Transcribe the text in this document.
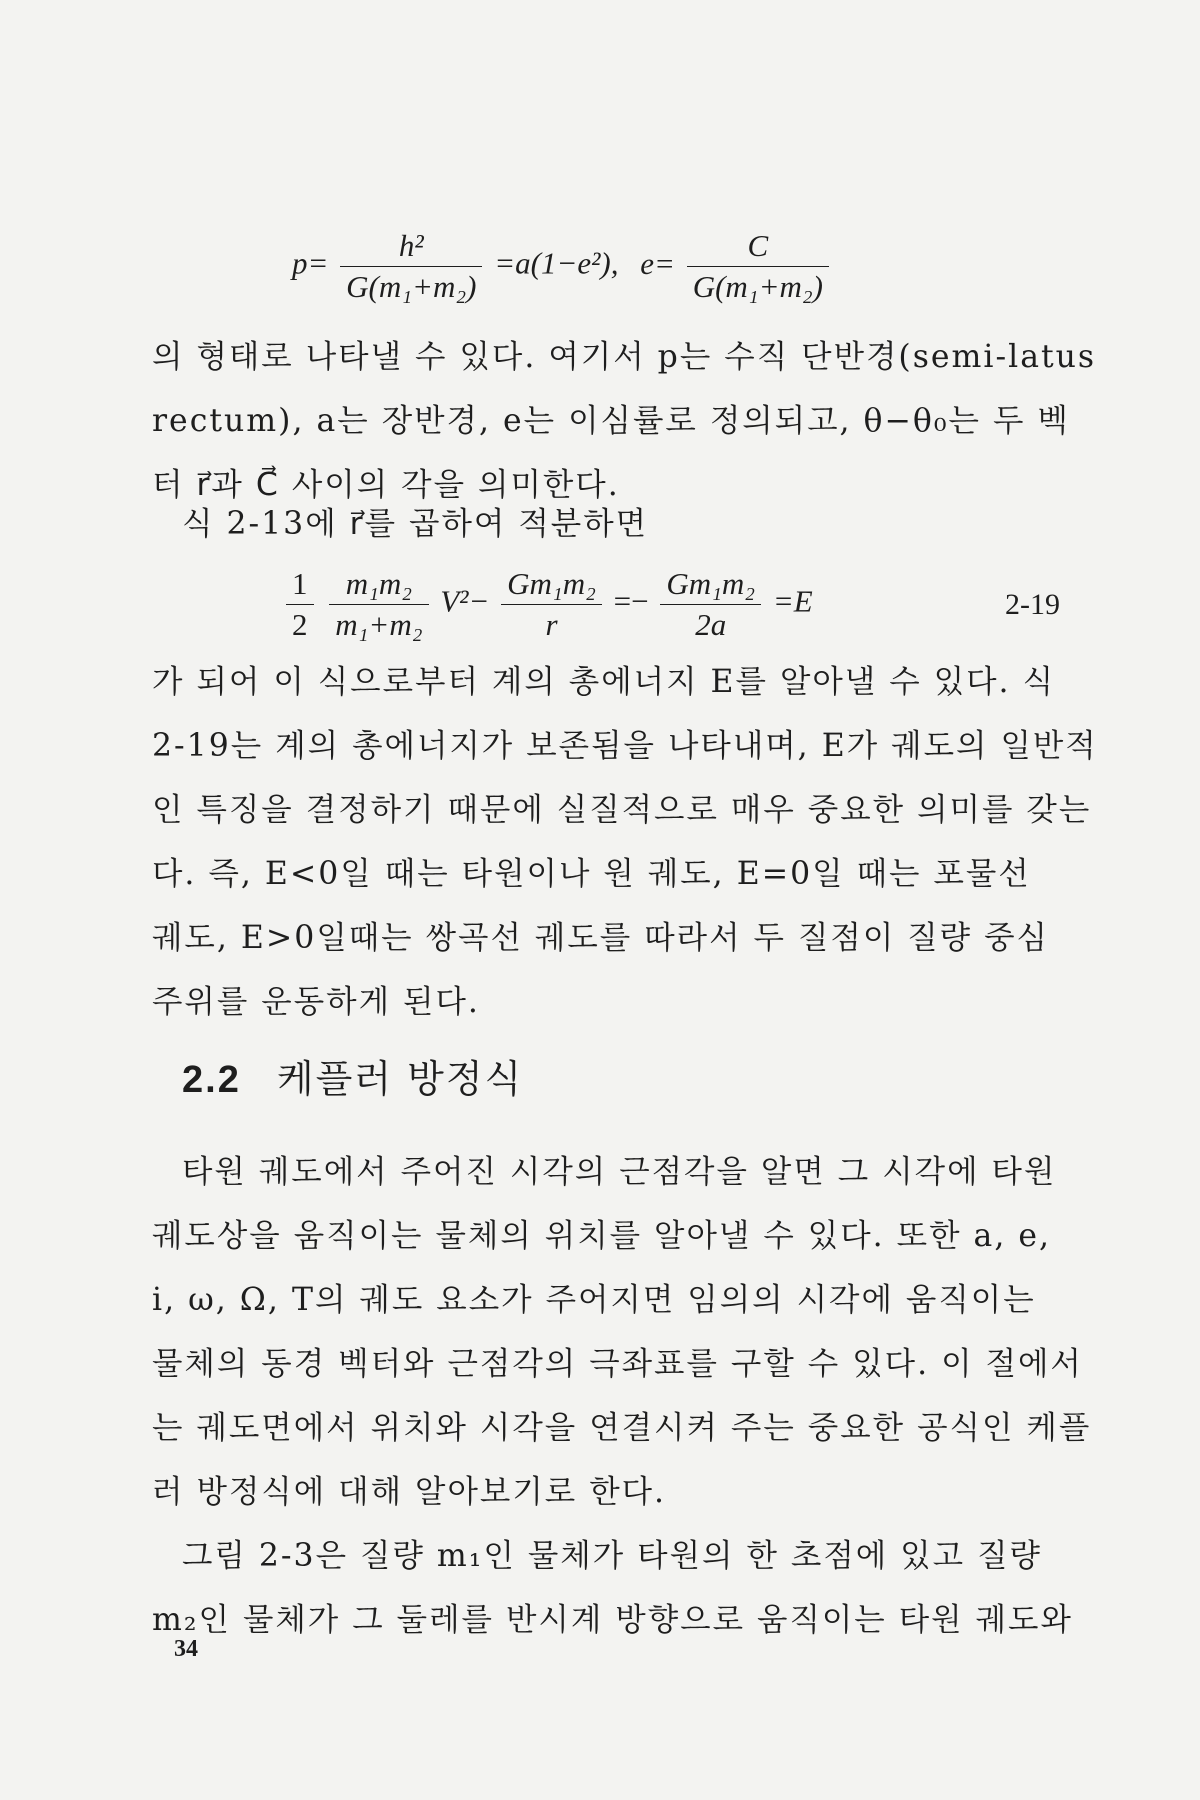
$p= \frac{\text{h²}}{\text{G(m₁+m₂)}} =a(1-e^2)$, $e= \frac{C}{\text{G(m₁+m₂)}}$
의 형태로 나타낼 수 있다. 여기서 p는 수직 단반경(semi-latus
rectum), a는 장반경, e는 이심률로 정의되고, θ−θ₀는 두 벡
터 r⃗과 C⃗ 사이의 각을 의미한다.
식 2-13에 r⃗를 곱하여 적분하면
$\frac{1}{2}$
$\frac{\text{m₁m₂}}{\text{m₁+m₂}} V^2- \frac{\text{Gm₁m₂}}{r} =- \frac{\text{Gm₁m₂}}{2a} =E$	2-19
가 되어 이 식으로부터 계의 총에너지 E를 알아낼 수 있다. 식
2-19는 계의 총에너지가 보존됨을 나타내며, E가 궤도의 일반적
인 특징을 결정하기 때문에 실질적으로 매우 중요한 의미를 갖는
다. 즉, E<0일 때는 타원이나 원 궤도, E=0일 때는 포물선
궤도, E>0일때는 쌍곡선 궤도를 따라서 두 질점이 질량 중심
주위를 운동하게 된다.
2.2 케플러 방정식
타원 궤도에서 주어진 시각의 근점각을 알면 그 시각에 타원
궤도상을 움직이는 물체의 위치를 알아낼 수 있다. 또한 a, e,
i, ω, Ω, T의 궤도 요소가 주어지면 임의의 시각에 움직이는
물체의 동경 벡터와 근점각의 극좌표를 구할 수 있다. 이 절에서
는 궤도면에서 위치와 시각을 연결시켜 주는 중요한 공식인 케플
러 방정식에 대해 알아보기로 한다.
그림 2-3은 질량 m₁인 물체가 타원의 한 초점에 있고 질량
m₂인 물체가 그 둘레를 반시계 방향으로 움직이는 타원 궤도와
34
